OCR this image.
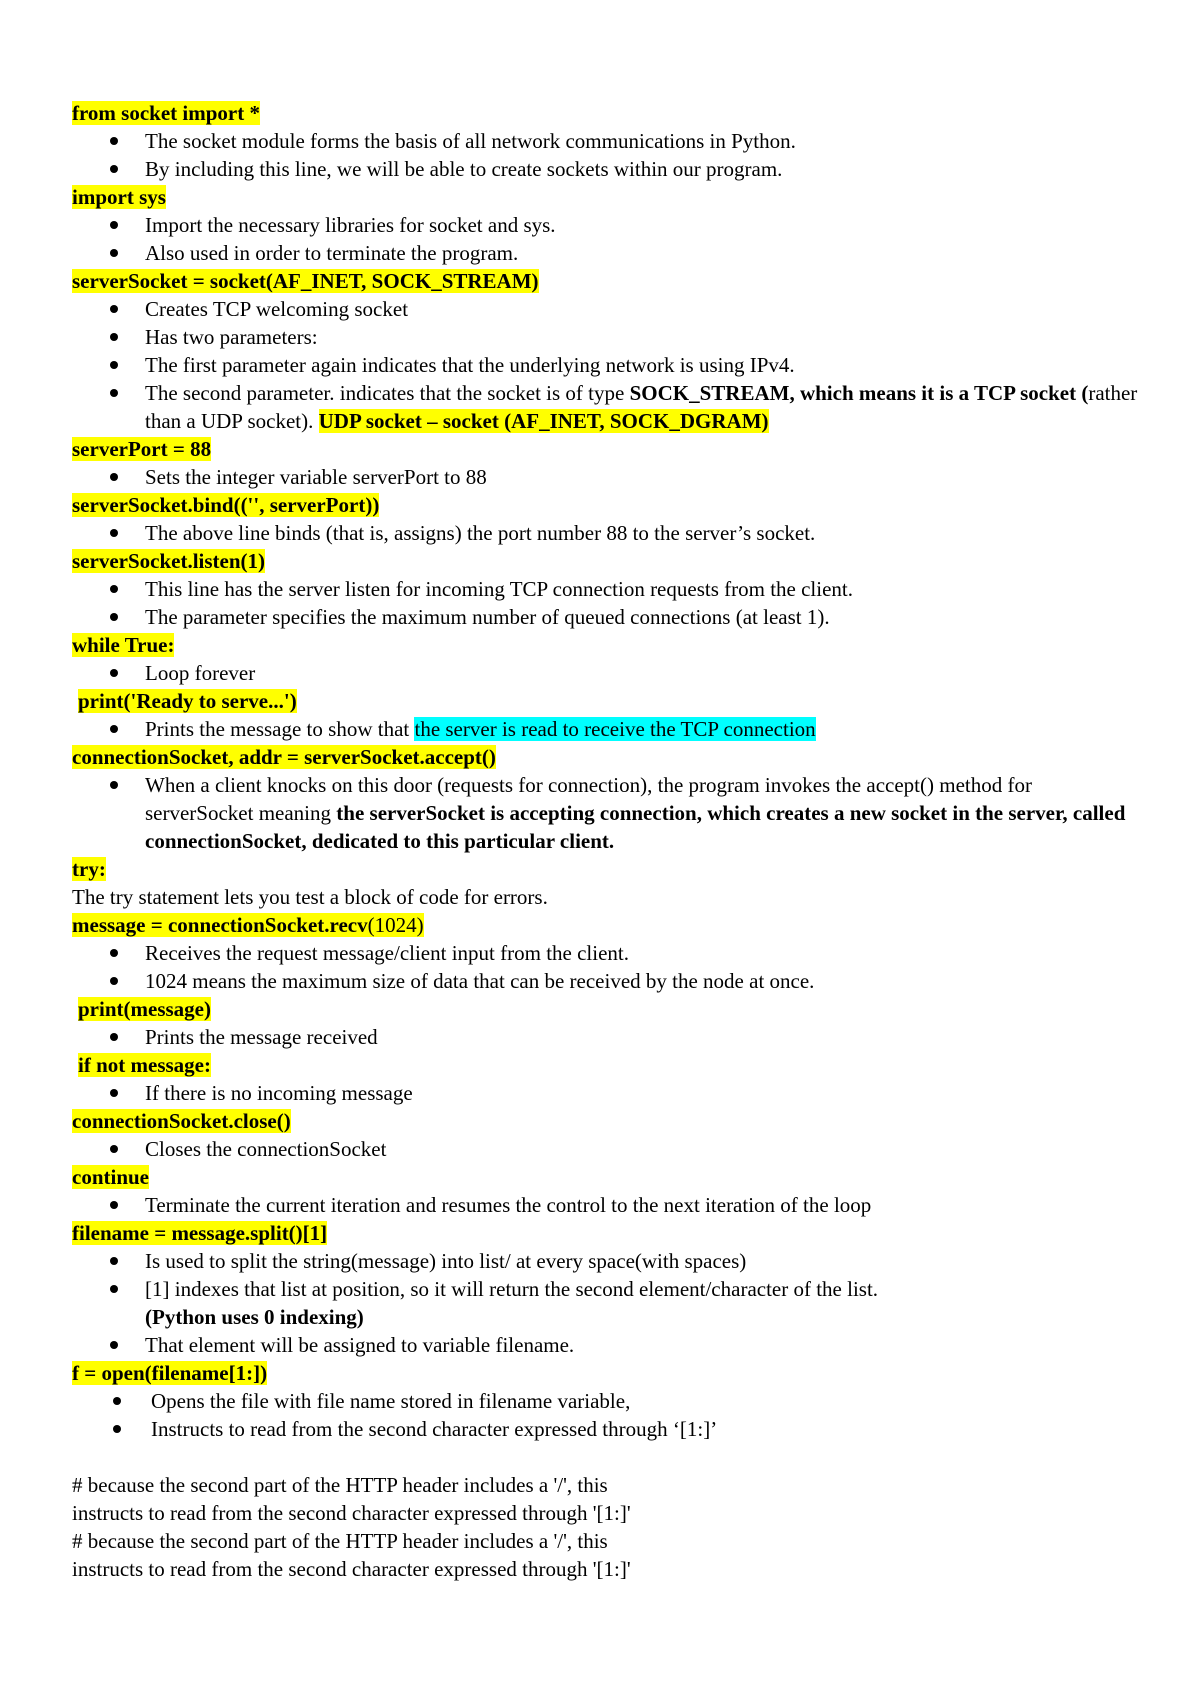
from socket import *

The socket module forms the basis of all network communications in Python.
By including this line, we will be able to create sockets within our program.

import sys

Import the necessary libraries for socket and sys.
Also used in order to terminate the program.

serverSocket = socket(AF_INET, SOCK_STREAM)

Creates TCP welcoming socket
Has two parameters:
The first parameter again indicates that the underlying network is using IPv4.
The second parameter. indicates that the socket is of type SOCK_STREAM, which means it is a TCP socket (rather than a UDP socket). UDP socket – socket (AF_INET, SOCK_DGRAM)

serverPort = 88

Sets the integer variable serverPort to 88

serverSocket.bind(('', serverPort))

The above line binds (that is, assigns) the port number 88 to the server’s socket.

serverSocket.listen(1)

This line has the server listen for incoming TCP connection requests from the client.
The parameter specifies the maximum number of queued connections (at least 1).

while True:

Loop forever

print('Ready to serve...')

Prints the message to show that the server is read to receive the TCP connection

connectionSocket, addr = serverSocket.accept()

When a client knocks on this door (requests for connection), the program invokes the accept() method for serverSocket meaning the serverSocket is accepting connection, which creates a new socket in the server, called connectionSocket, dedicated to this particular client.

try:

The try statement lets you test a block of code for errors.

message = connectionSocket.recv(1024)

Receives the request message/client input from the client.
1024 means the maximum size of data that can be received by the node at once.

print(message)

Prints the message received

if not message:

If there is no incoming message

connectionSocket.close()

Closes the connectionSocket

continue

Terminate the current iteration and resumes the control to the next iteration of the loop

filename = message.split()[1]

Is used to split the string(message) into list/ at every space(with spaces)
[1] indexes that list at position, so it will return the second element/character of the list.
(Python uses 0 indexing)
That element will be assigned to variable filename.

f = open(filename[1:])

Opens the file with file name stored in filename variable,
Instructs to read from the second character expressed through ‘[1:]’

# because the second part of the HTTP header includes a '/', this

instructs to read from the second character expressed through '[1:]'

# because the second part of the HTTP header includes a '/', this

instructs to read from the second character expressed through '[1:]'
